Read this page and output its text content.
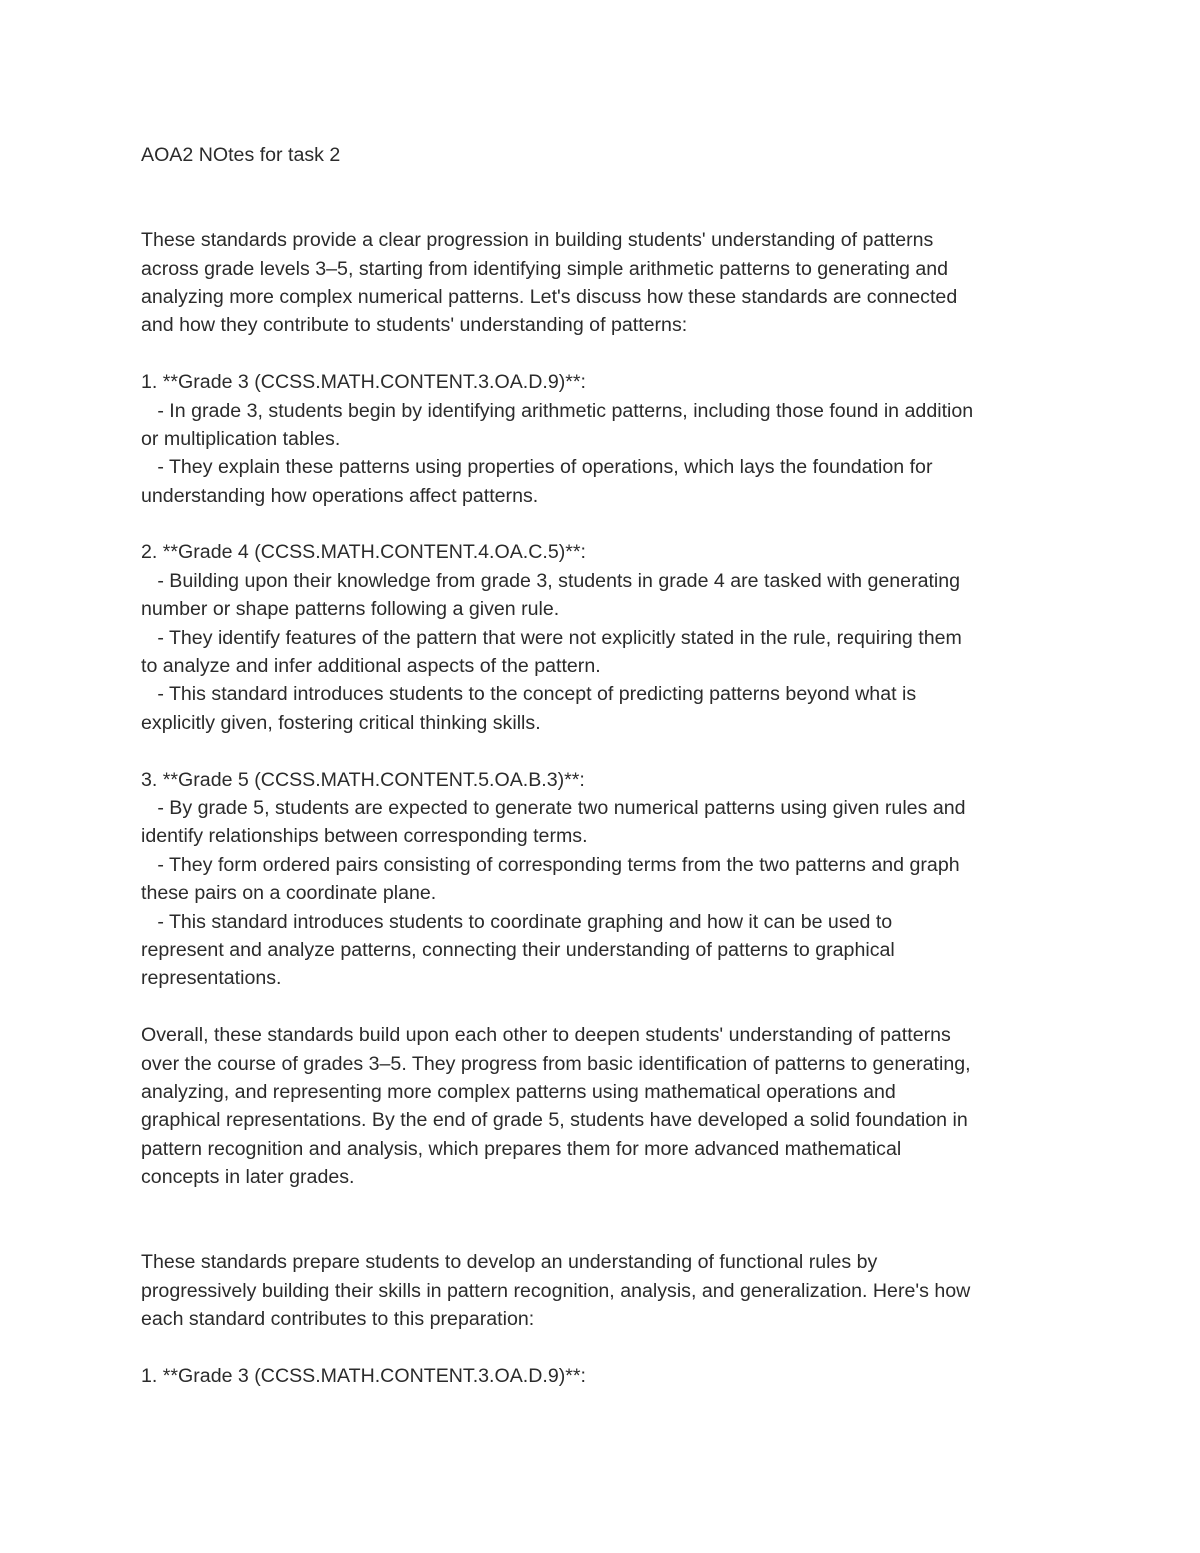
AOA2 NOtes for task 2
These standards provide a clear progression in building students' understanding of patterns
across grade levels 3–5, starting from identifying simple arithmetic patterns to generating and
analyzing more complex numerical patterns. Let's discuss how these standards are connected
and how they contribute to students' understanding of patterns:
1. **Grade 3 (CCSS.MATH.CONTENT.3.OA.D.9)**:
- In grade 3, students begin by identifying arithmetic patterns, including those found in addition
or multiplication tables.
- They explain these patterns using properties of operations, which lays the foundation for
understanding how operations affect patterns.
2. **Grade 4 (CCSS.MATH.CONTENT.4.OA.C.5)**:
- Building upon their knowledge from grade 3, students in grade 4 are tasked with generating
number or shape patterns following a given rule.
- They identify features of the pattern that were not explicitly stated in the rule, requiring them
to analyze and infer additional aspects of the pattern.
- This standard introduces students to the concept of predicting patterns beyond what is
explicitly given, fostering critical thinking skills.
3. **Grade 5 (CCSS.MATH.CONTENT.5.OA.B.3)**:
- By grade 5, students are expected to generate two numerical patterns using given rules and
identify relationships between corresponding terms.
- They form ordered pairs consisting of corresponding terms from the two patterns and graph
these pairs on a coordinate plane.
- This standard introduces students to coordinate graphing and how it can be used to
represent and analyze patterns, connecting their understanding of patterns to graphical
representations.
Overall, these standards build upon each other to deepen students' understanding of patterns
over the course of grades 3–5. They progress from basic identification of patterns to generating,
analyzing, and representing more complex patterns using mathematical operations and
graphical representations. By the end of grade 5, students have developed a solid foundation in
pattern recognition and analysis, which prepares them for more advanced mathematical
concepts in later grades.
These standards prepare students to develop an understanding of functional rules by
progressively building their skills in pattern recognition, analysis, and generalization. Here's how
each standard contributes to this preparation:
1. **Grade 3 (CCSS.MATH.CONTENT.3.OA.D.9)**:
